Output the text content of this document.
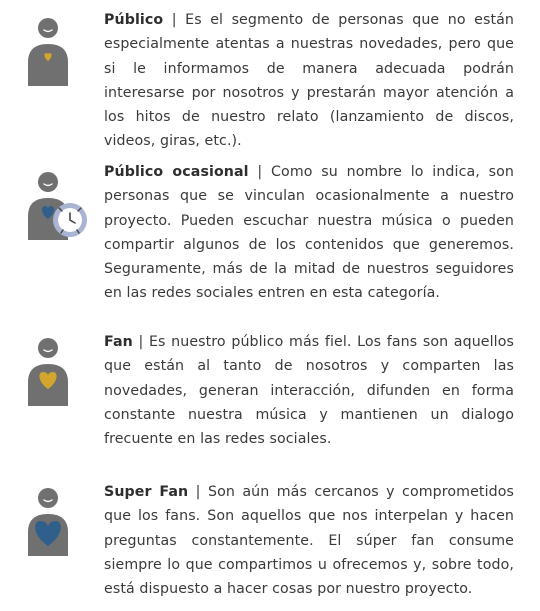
Público | Es el segmento de personas que no están especialmente atentas a nuestras novedades, pero que si le informamos de manera adecuada podrán interesarse por nosotros y prestarán mayor atención a los hitos de nuestro relato (lanzamiento de discos, videos, giras, etc.).
Público ocasional | Como su nombre lo indica, son personas que se vinculan ocasionalmente a nuestro proyecto. Pueden escuchar nuestra música o pueden compartir algunos de los contenidos que generemos. Seguramente, más de la mitad de nuestros seguidores en las redes sociales entren en esta categoría.
Fan | Es nuestro público más fiel. Los fans son aquellos que están al tanto de nosotros y comparten las novedades, generan interacción, difunden en forma constante nuestra música y mantienen un dialogo frecuente en las redes sociales.
Super Fan | Son aún más cercanos y comprometidos que los fans. Son aquellos que nos interpelan y hacen preguntas constantemente. El súper fan consume siempre lo que compartimos u ofrecemos y, sobre todo, está dispuesto a hacer cosas por nuestro proyecto.
